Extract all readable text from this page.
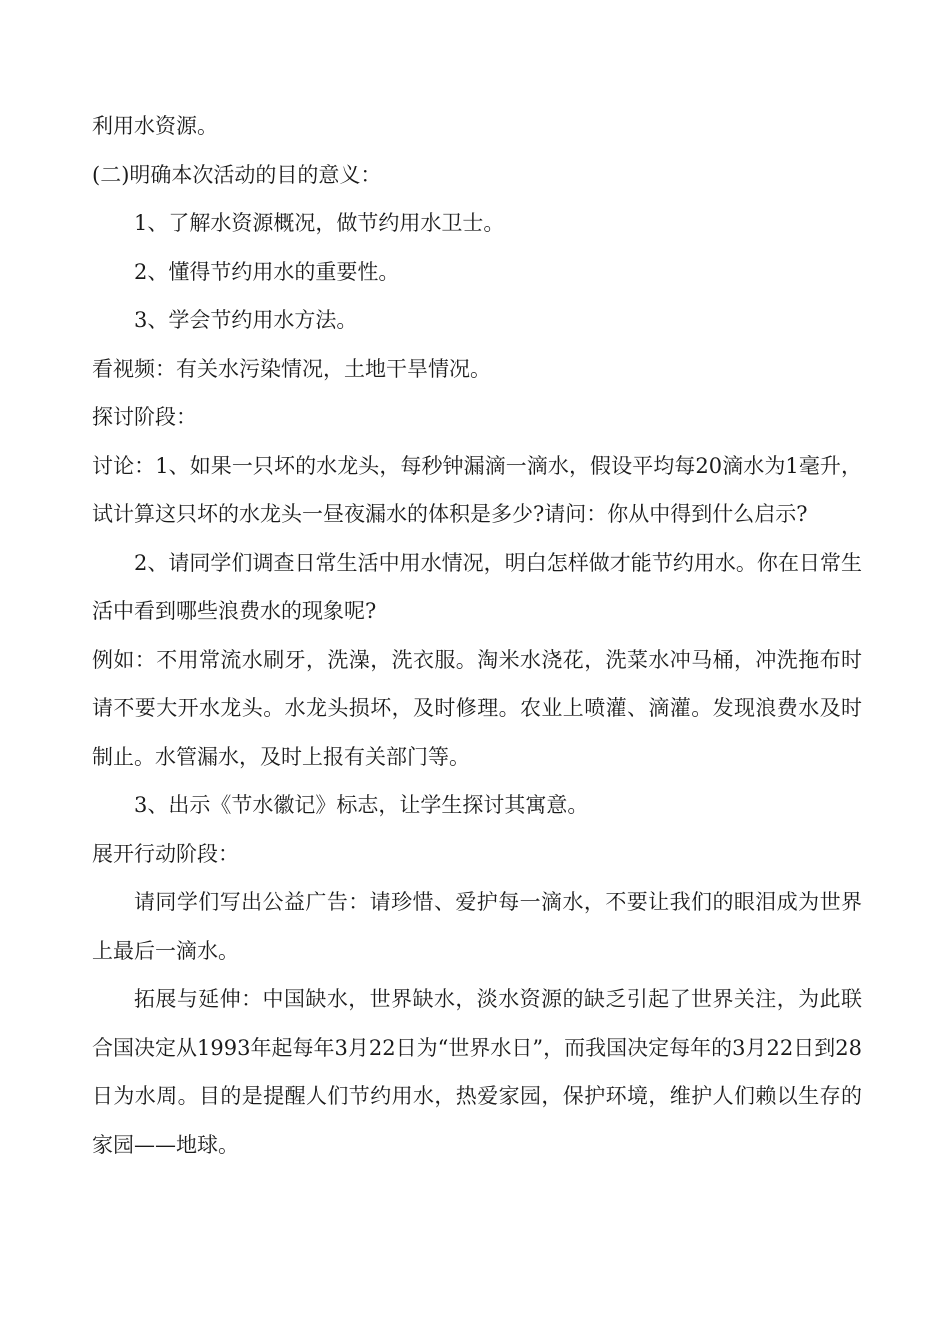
利用水资源。

(二)明确本次活动的目的意义：

1、了解水资源概况，做节约用水卫士。

2、懂得节约用水的重要性。

3、学会节约用水方法。

看视频：有关水污染情况，土地干旱情况。

探讨阶段：

讨论：1、如果一只坏的水龙头，每秒钟漏滴一滴水，假设平均每20滴水为1毫升，试计算这只坏的水龙头一昼夜漏水的体积是多少?请问：你从中得到什么启示?

2、请同学们调查日常生活中用水情况，明白怎样做才能节约用水。你在日常生活中看到哪些浪费水的现象呢?

例如：不用常流水刷牙，洗澡，洗衣服。淘米水浇花，洗菜水冲马桶，冲洗拖布时请不要大开水龙头。水龙头损坏，及时修理。农业上喷灌、滴灌。发现浪费水及时制止。水管漏水，及时上报有关部门等。

3、出示《节水徽记》标志，让学生探讨其寓意。

展开行动阶段：

请同学们写出公益广告：请珍惜、爱护每一滴水，不要让我们的眼泪成为世界上最后一滴水。

拓展与延伸：中国缺水，世界缺水，淡水资源的缺乏引起了世界关注，为此联合国决定从1993年起每年3月22日为“世界水日”，而我国决定每年的3月22日到28日为水周。目的是提醒人们节约用水，热爱家园，保护环境，维护人们赖以生存的家园——地球。
